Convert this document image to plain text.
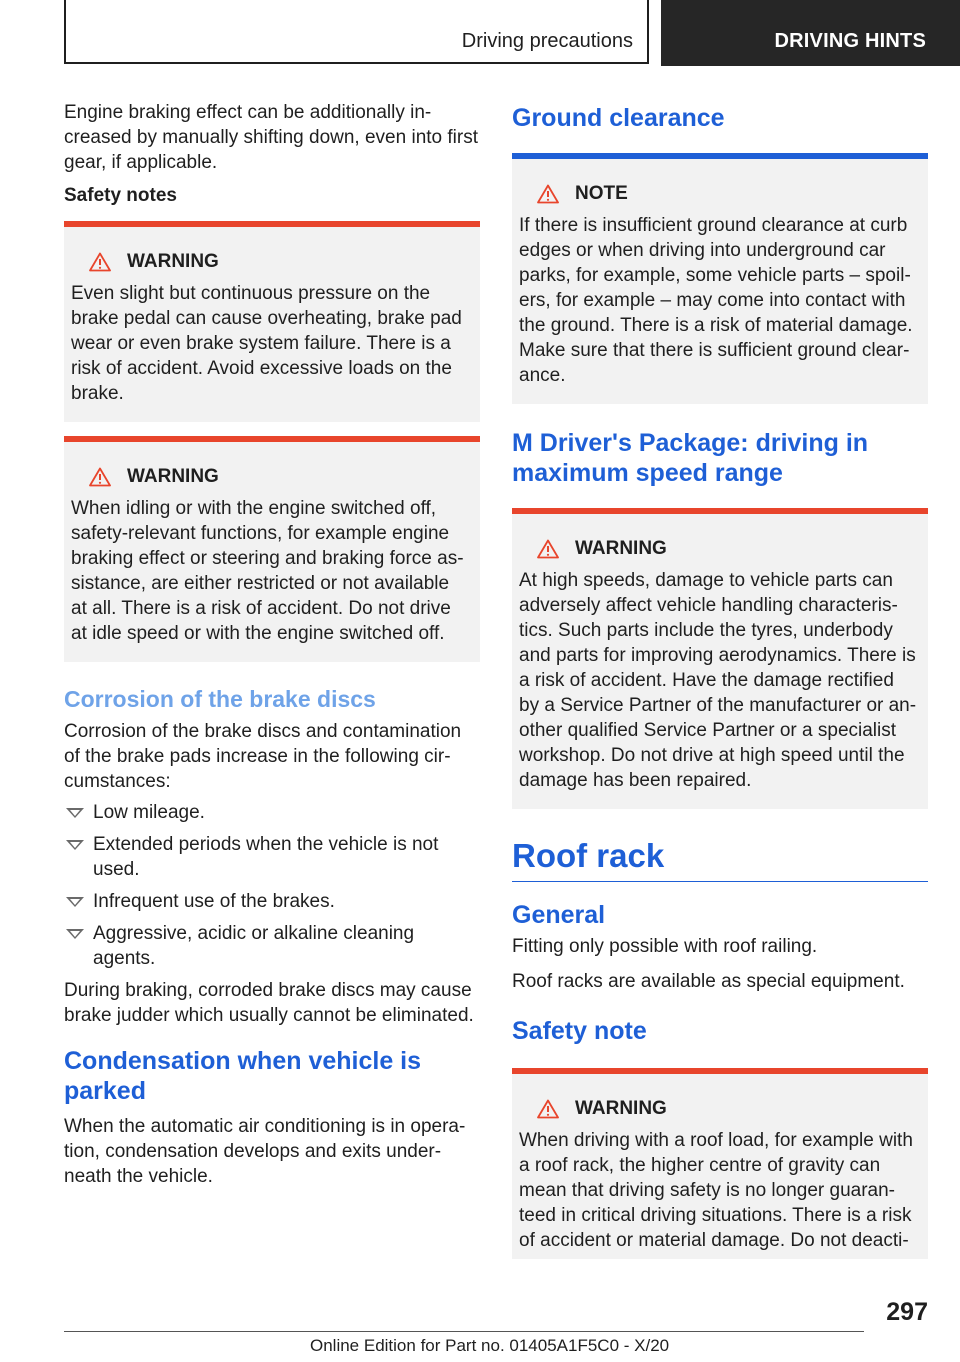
Driving precautions	DRIVING HINTS

Engine braking effect can be additionally increased by manually shifting down, even into first gear, if applicable.

Safety notes
WARNING

Even slight but continuous pressure on the brake pedal can cause overheating, brake pad wear or even brake system failure. There is a risk of accident. Avoid excessive loads on the brake.

WARNING

When idling or with the engine switched off, safety-relevant functions, for example engine braking effect or steering and braking force assistance, are either restricted or not available at all. There is a risk of accident. Do not drive at idle speed or with the engine switched off.

Corrosion of the brake discs

Corrosion of the brake discs and contamination of the brake pads increase in the following circumstances:

Low mileage.
Extended periods when the vehicle is not used.
Infrequent use of the brakes.
Aggressive, acidic or alkaline cleaning agents.

During braking, corroded brake discs may cause brake judder which usually cannot be eliminated.

Condensation when vehicle is parked

When the automatic air conditioning is in operation, condensation develops and exits underneath the vehicle.

Ground clearance
NOTE

If there is insufficient ground clearance at curb edges or when driving into underground car parks, for example, some vehicle parts – spoilers, for example – may come into contact with the ground. There is a risk of material damage. Make sure that there is sufficient ground clearance.

M Driver's Package: driving in maximum speed range
WARNING

At high speeds, damage to vehicle parts can adversely affect vehicle handling characteristics. Such parts include the tyres, underbody and parts for improving aerodynamics. There is a risk of accident. Have the damage rectified by a Service Partner of the manufacturer or another qualified Service Partner or a specialist workshop. Do not drive at high speed until the damage has been repaired.

Roof rack
General

Fitting only possible with roof railing.

Roof racks are available as special equipment.

Safety note
WARNING

When driving with a roof load, for example with a roof rack, the higher centre of gravity can mean that driving safety is no longer guaranteed in critical driving situations. There is a risk of accident or material damage. Do not deacti-

297
Online Edition for Part no. 01405A1F5C0 - X/20
